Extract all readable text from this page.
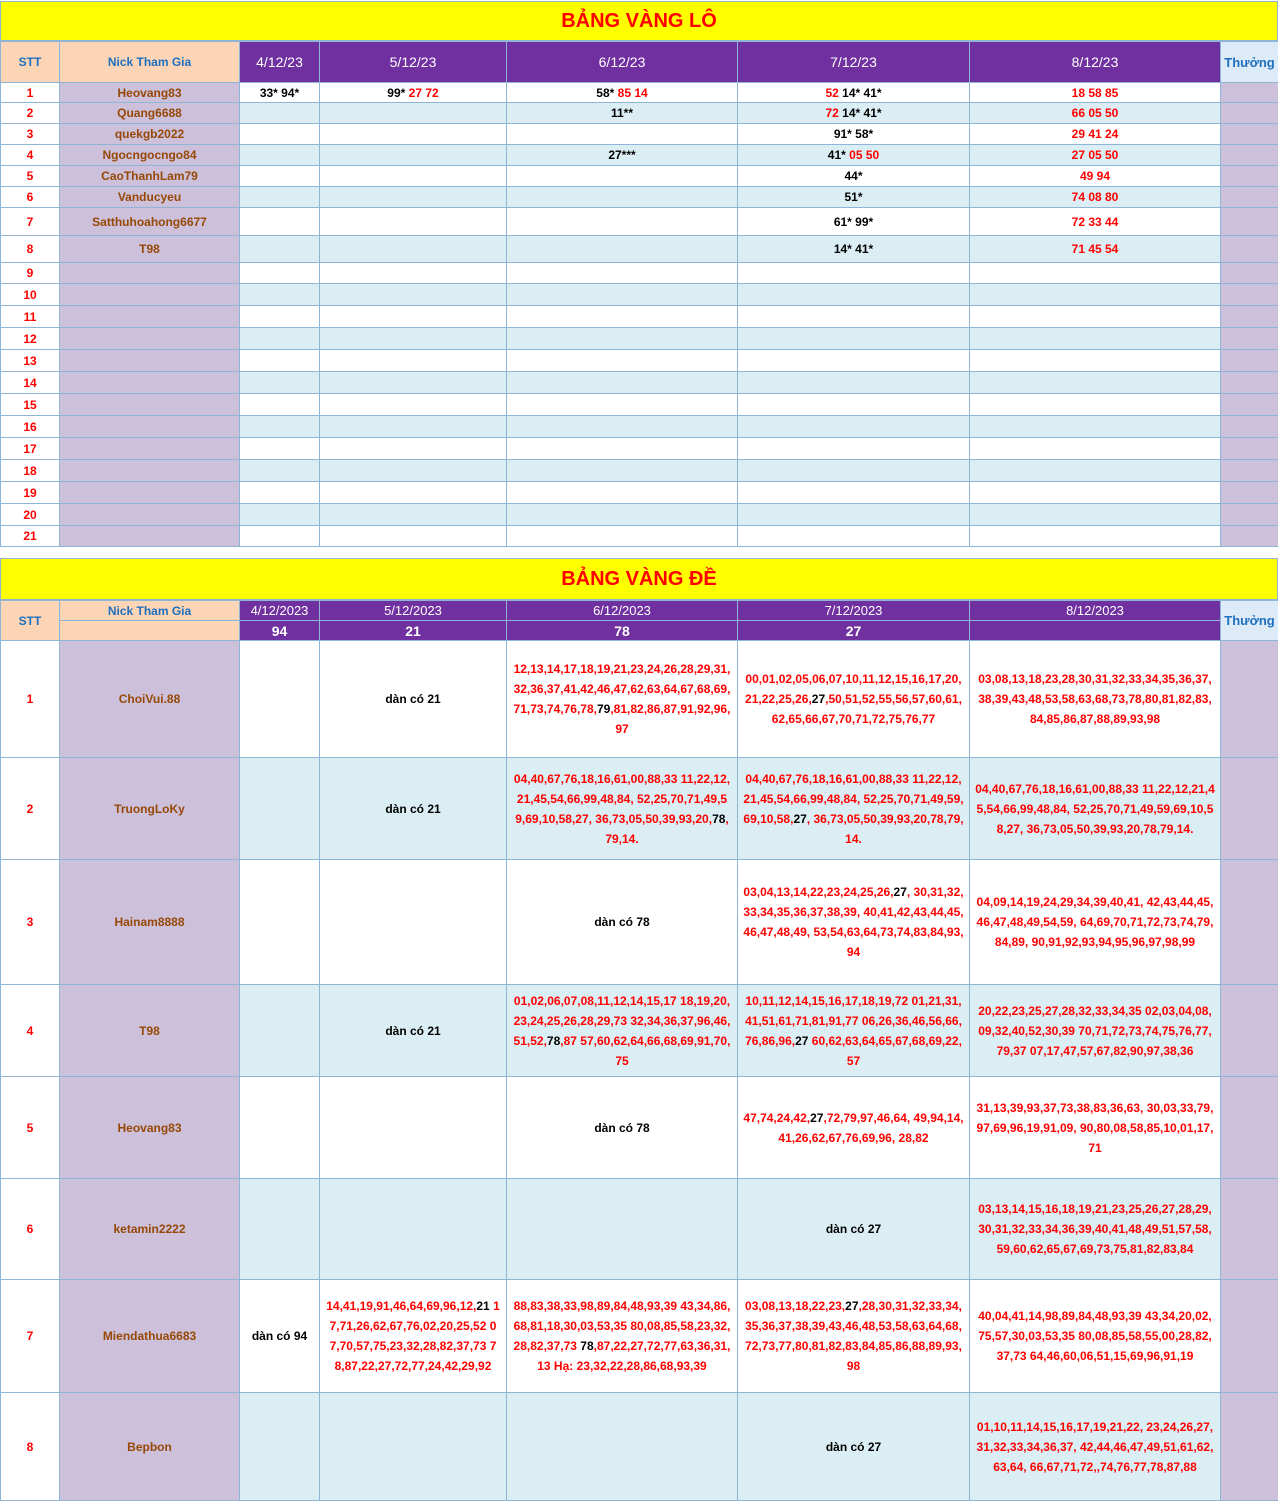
BẢNG VÀNG LÔ
STT	Nick Tham Gia	4/12/23	5/12/23	6/12/23	7/12/23	8/12/23	Thưởng
1	Heovang83	33* 94*	99* 27 72	58* 85 14	52 14* 41*	18 58 85	
2	Quang6688			11**	72 14* 41*	66 05 50	
3	quekgb2022				91* 58*	29 41 24	
4	Ngocngocngo84			27***	41* 05 50	27 05 50	
5	CaoThanhLam79				44*	49 94	
6	Vanducyeu				51*	74 08 80	
7	Satthuhoahong6677				61* 99*	72 33 44	
8	T98				14* 41*	71 45 54	
9							
10							
11							
12							
13							
14							
15							
16							
17							
18							
19							
20							
21							
BẢNG VÀNG ĐỀ
STT	Nick Tham Gia	4/12/2023	5/12/2023	6/12/2023	7/12/2023	8/12/2023	Thưởng
		94	21	78	27		
1	ChoiVui.88		dàn có 21	12,13,14,17,18,19,21,23,24,26,28,29,31,32,36,37,41,42,46,47,62,63,64,67,68,69,71,73,74,76,78,79,81,82,86,87,91,92,96,97	00,01,02,05,06,07,10,11,12,15,16,17,20,21,22,25,26,27,50,51,52,55,56,57,60,61,62,65,66,67,70,71,72,75,76,77	03,08,13,18,23,28,30,31,32,33,34,35,36,37,38,39,43,48,53,58,63,68,73,78,80,81,82,83,84,85,86,87,88,89,93,98	

2	TruongLoKy		dàn có 21	04,40,67,76,18,16,61,00,88,33 11,22,12,21,45,54,66,99,48,84, 52,25,70,71,49,59,69,10,58,27, 36,73,05,50,39,93,20,78,79,14.	04,40,67,76,18,16,61,00,88,33 11,22,12,21,45,54,66,99,48,84, 52,25,70,71,49,59,69,10,58,27, 36,73,05,50,39,93,20,78,79,14.	04,40,67,76,18,16,61,00,88,33 11,22,12,21,45,54,66,99,48,84, 52,25,70,71,49,59,69,10,58,27, 36,73,05,50,39,93,20,78,79,14.	

3	Hainam8888			dàn có 78	03,04,13,14,22,23,24,25,26,27, 30,31,32,33,34,35,36,37,38,39, 40,41,42,43,44,45,46,47,48,49, 53,54,63,64,73,74,83,84,93,94	04,09,14,19,24,29,34,39,40,41, 42,43,44,45,46,47,48,49,54,59, 64,69,70,71,72,73,74,79,84,89, 90,91,92,93,94,95,96,97,98,99	

4	T98		dàn có 21	01,02,06,07,08,11,12,14,15,17 18,19,20,23,24,25,26,28,29,73 32,34,36,37,96,46,51,52,78,87 57,60,62,64,66,68,69,91,70,75	10,11,12,14,15,16,17,18,19,72 01,21,31,41,51,61,71,81,91,77 06,26,36,46,56,66,76,86,96,27 60,62,63,64,65,67,68,69,22,57	20,22,23,25,27,28,32,33,34,35 02,03,04,08,09,32,40,52,30,39 70,71,72,73,74,75,76,77,79,37 07,17,47,57,67,82,90,97,38,36	

5	Heovang83			dàn có 78	47,74,24,42,27,72,79,97,46,64, 49,94,14,41,26,62,67,76,69,96, 28,82	31,13,39,93,37,73,38,83,36,63, 30,03,33,79,97,69,96,19,91,09, 90,80,08,58,85,10,01,17,71	

6	ketamin2222				dàn có 27	03,13,14,15,16,18,19,21,23,25,26,27,28,29,30,31,32,33,34,36,39,40,41,48,49,51,57,58,59,60,62,65,67,69,73,75,81,82,83,84	

7	Miendathua6683	dàn có 94	14,41,19,91,46,64,69,96,12,21 17,71,26,62,67,76,02,20,25,52 07,70,57,75,23,32,28,82,37,73 78,87,22,27,72,77,24,42,29,92	88,83,38,33,98,89,84,48,93,39 43,34,86,68,81,18,30,03,53,35 80,08,85,58,23,32,28,82,37,73 78,87,22,27,72,77,63,36,31,13 Hạ: 23,32,22,28,86,68,93,39	03,08,13,18,22,23,27,28,30,31,32,33,34,35,36,37,38,39,43,46,48,53,58,63,64,68,72,73,77,80,81,82,83,84,85,86,88,89,93,98	40,04,41,14,98,89,84,48,93,39 43,34,20,02,75,57,30,03,53,35 80,08,85,58,55,00,28,82,37,73 64,46,60,06,51,15,69,96,91,19	

8	Bepbon				dàn có 27	01,10,11,14,15,16,17,19,21,22, 23,24,26,27,31,32,33,34,36,37, 42,44,46,47,49,51,61,62,63,64, 66,67,71,72,,74,76,77,78,87,88	
